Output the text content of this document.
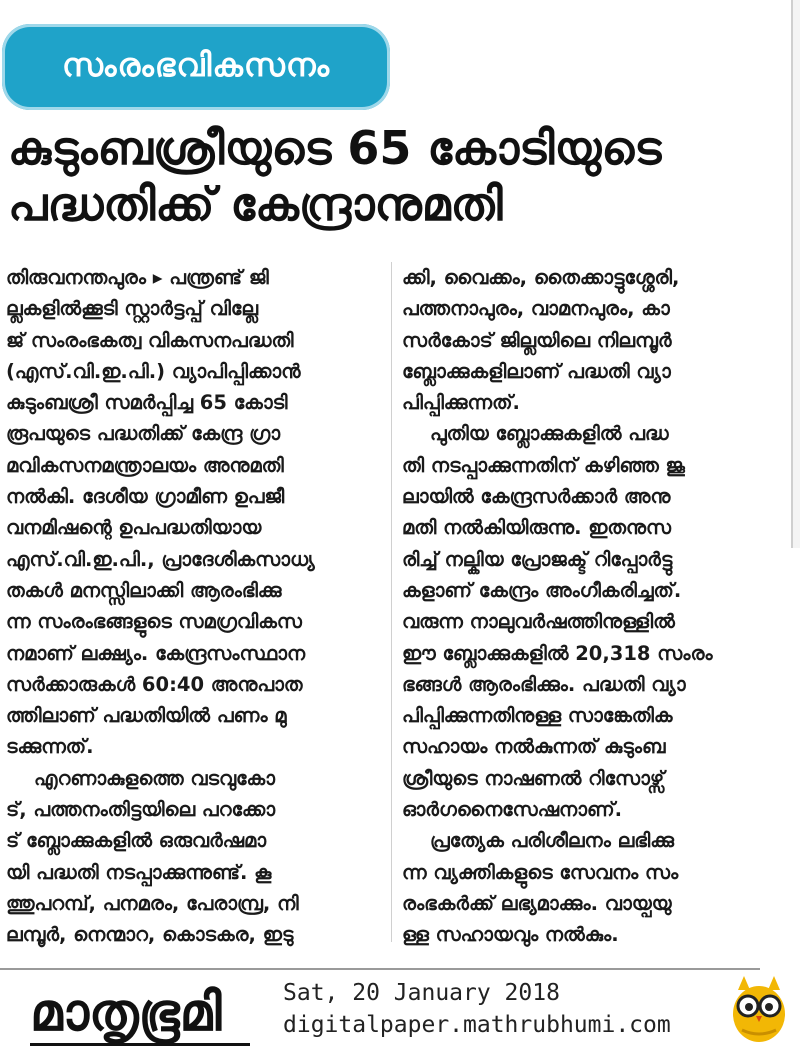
സംരംഭവികസനം
കുടുംബശ്രീയുടെ 65 കോടിയുടെ
പദ്ധതിക്ക് കേന്ദ്രാനുമതി
തിരുവനന്തപുരം ▸ പന്ത്രണ്ട് ജി
ല്ലകളിൽക്കൂടി സ്റ്റാർട്ടപ്പ് വില്ലേ
ജ് സംരംഭകത്വ വികസനപദ്ധതി
(എസ്.വി.ഇ.പി.) വ്യാപിപ്പിക്കാൻ
കുടുംബശ്രീ സമർപ്പിച്ച 65 കോടി
രൂപയുടെ പദ്ധതിക്ക് കേന്ദ്ര ഗ്രാ
മവികസനമന്ത്രാലയം അനുമതി
നൽകി. ദേശീയ ഗ്രാമീണ ഉപജീ
വനമിഷന്റെ ഉപപദ്ധതിയായ
എസ്.വി.ഇ.പി., പ്രാദേശികസാധ്യ
തകൾ മനസ്സിലാക്കി ആരംഭിക്കു
ന്ന സംരംഭങ്ങളുടെ സമഗ്രവികസ
നമാണ് ലക്ഷ്യം. കേന്ദ്രസംസ്ഥാന
സർക്കാരുകൾ 60:40 അനുപാത
ത്തിലാണ് പദ്ധതിയിൽ പണം മു
ടക്കുന്നത്.
എറണാകുളത്തെ വടവുകോ
ട്, പത്തനംതിട്ടയിലെ പറക്കോ
ട് ബ്ലോക്കുകളിൽ ഒരുവർഷമാ
യി പദ്ധതി നടപ്പാക്കുന്നുണ്ട്. കൂ
ത്തുപറമ്പ്, പനമരം, പേരാമ്പ്ര, നി
ലമ്പൂർ, നെന്മാറ, കൊടകര, ഇടു
ക്കി, വൈക്കം, തൈക്കാട്ടുശ്ശേരി,
പത്തനാപുരം, വാമനപുരം, കാ
സർകോട് ജില്ലയിലെ നിലമ്പൂർ
ബ്ലോക്കുകളിലാണ് പദ്ധതി വ്യാ
പിപ്പിക്കുന്നത്.
പുതിയ ബ്ലോക്കുകളിൽ പദ്ധ
തി നടപ്പാക്കുന്നതിന് കഴിഞ്ഞ ജൂ
ലായിൽ കേന്ദ്രസർക്കാർ അനു
മതി നൽകിയിരുന്നു. ഇതനുസ
രിച്ച് നല്കിയ പ്രോജക്ട് റിപ്പോർട്ടു
കളാണ് കേന്ദ്രം അംഗീകരിച്ചത്.
വരുന്ന നാലുവർഷത്തിനുള്ളിൽ
ഈ ബ്ലോക്കുകളിൽ 20,318 സംരം
ഭങ്ങൾ ആരംഭിക്കും. പദ്ധതി വ്യാ
പിപ്പിക്കുന്നതിനുള്ള സാങ്കേതിക
സഹായം നൽകുന്നത് കുടുംബ
ശ്രീയുടെ നാഷണൽ റിസോഴ്സ്
ഓർഗനൈസേഷനാണ്.
പ്രത്യേക പരിശീലനം ലഭിക്കു
ന്ന വ്യക്തികളുടെ സേവനം സം
രംഭകർക്ക് ലഭ്യമാക്കും. വായ്പയു
ള്ള സഹായവും നൽകും.
മാതൃഭൂമി	Sat, 20 January 2018
digitalpaper.mathrubhumi.com
